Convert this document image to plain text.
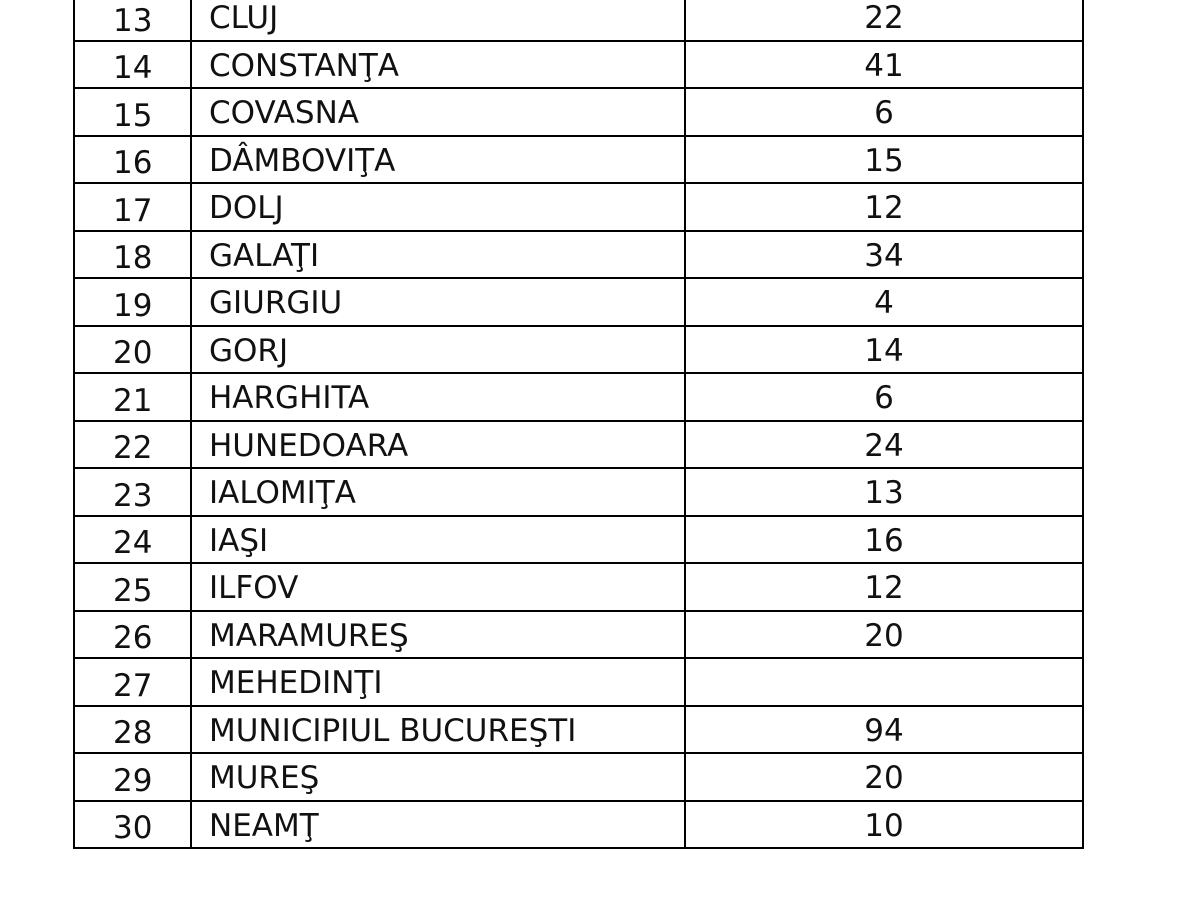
13	CLUJ	22
14	CONSTANŢA	41
15	COVASNA	6
16	DÂMBOVIŢA	15
17	DOLJ	12
18	GALAŢI	34
19	GIURGIU	4
20	GORJ	14
21	HARGHITA	6
22	HUNEDOARA	24
23	IALOMIŢA	13
24	IAŞI	16
25	ILFOV	12
26	MARAMUREŞ	20
27	MEHEDINŢI	
28	MUNICIPIUL BUCUREŞTI	94
29	MUREŞ	20
30	NEAMŢ	10
